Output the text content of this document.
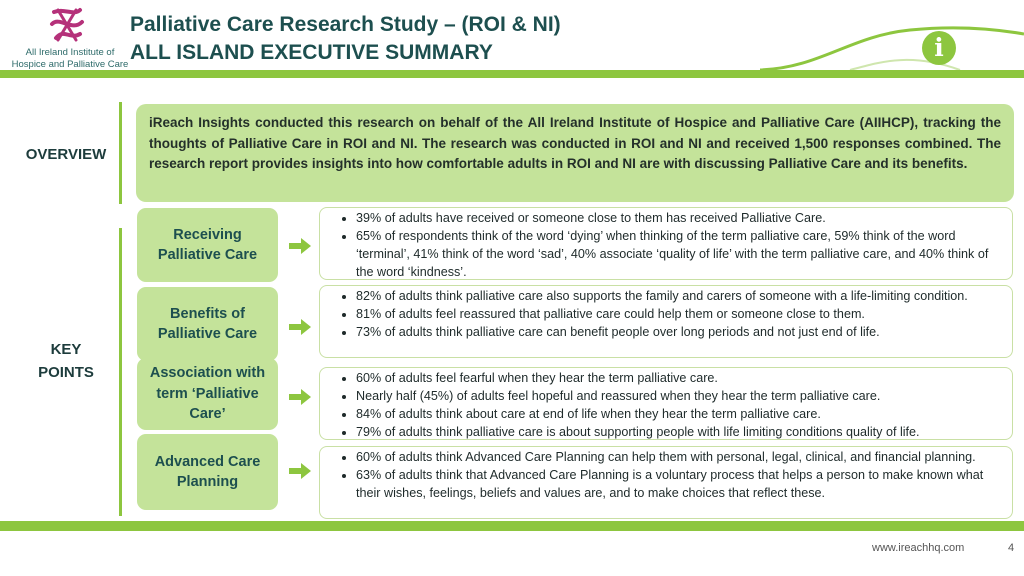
All Ireland Institute of
Hospice and Palliative Care
Palliative Care Research Study – (ROI & NI)
ALL ISLAND EXECUTIVE SUMMARY	i
OVERVIEW
iReach Insights conducted this research on behalf of the All Ireland Institute of Hospice and Palliative Care (AIIHCP), tracking the thoughts of Palliative Care in ROI and NI. The research was conducted in ROI and NI and received 1,500 responses combined. The research report provides insights into how comfortable adults in ROI and NI are with discussing Palliative Care and its benefits.
KEY
POINTS
Receiving Palliative Care
• 39% of adults have received or someone close to them has received Palliative Care.
• 65% of respondents think of the word ‘dying’ when thinking of the term palliative care, 59% think of the word ‘terminal’, 41% think of the word ‘sad’, 40% associate ‘quality of life’ with the term palliative care, and 40% think of the word ‘kindness’.
Benefits of Palliative Care
• 82% of adults think palliative care also supports the family and carers of someone with a life-limiting condition.
• 81% of adults feel reassured that palliative care could help them or someone close to them.
• 73% of adults think palliative care can benefit people over long periods and not just end of life.
Association with term ‘Palliative Care’
• 60% of adults feel fearful when they hear the term palliative care.
• Nearly half (45%) of adults feel hopeful and reassured when they hear the term palliative care.
• 84% of adults think about care at end of life when they hear the term palliative care.
• 79% of adults think palliative care is about supporting people with life limiting conditions quality of life.
Advanced Care Planning
• 60% of adults think Advanced Care Planning can help them with personal, legal, clinical, and financial planning.
• 63% of adults think that Advanced Care Planning is a voluntary process that helps a person to make known what their wishes, feelings, beliefs and values are, and to make choices that reflect these.
www.ireachhq.com	4
